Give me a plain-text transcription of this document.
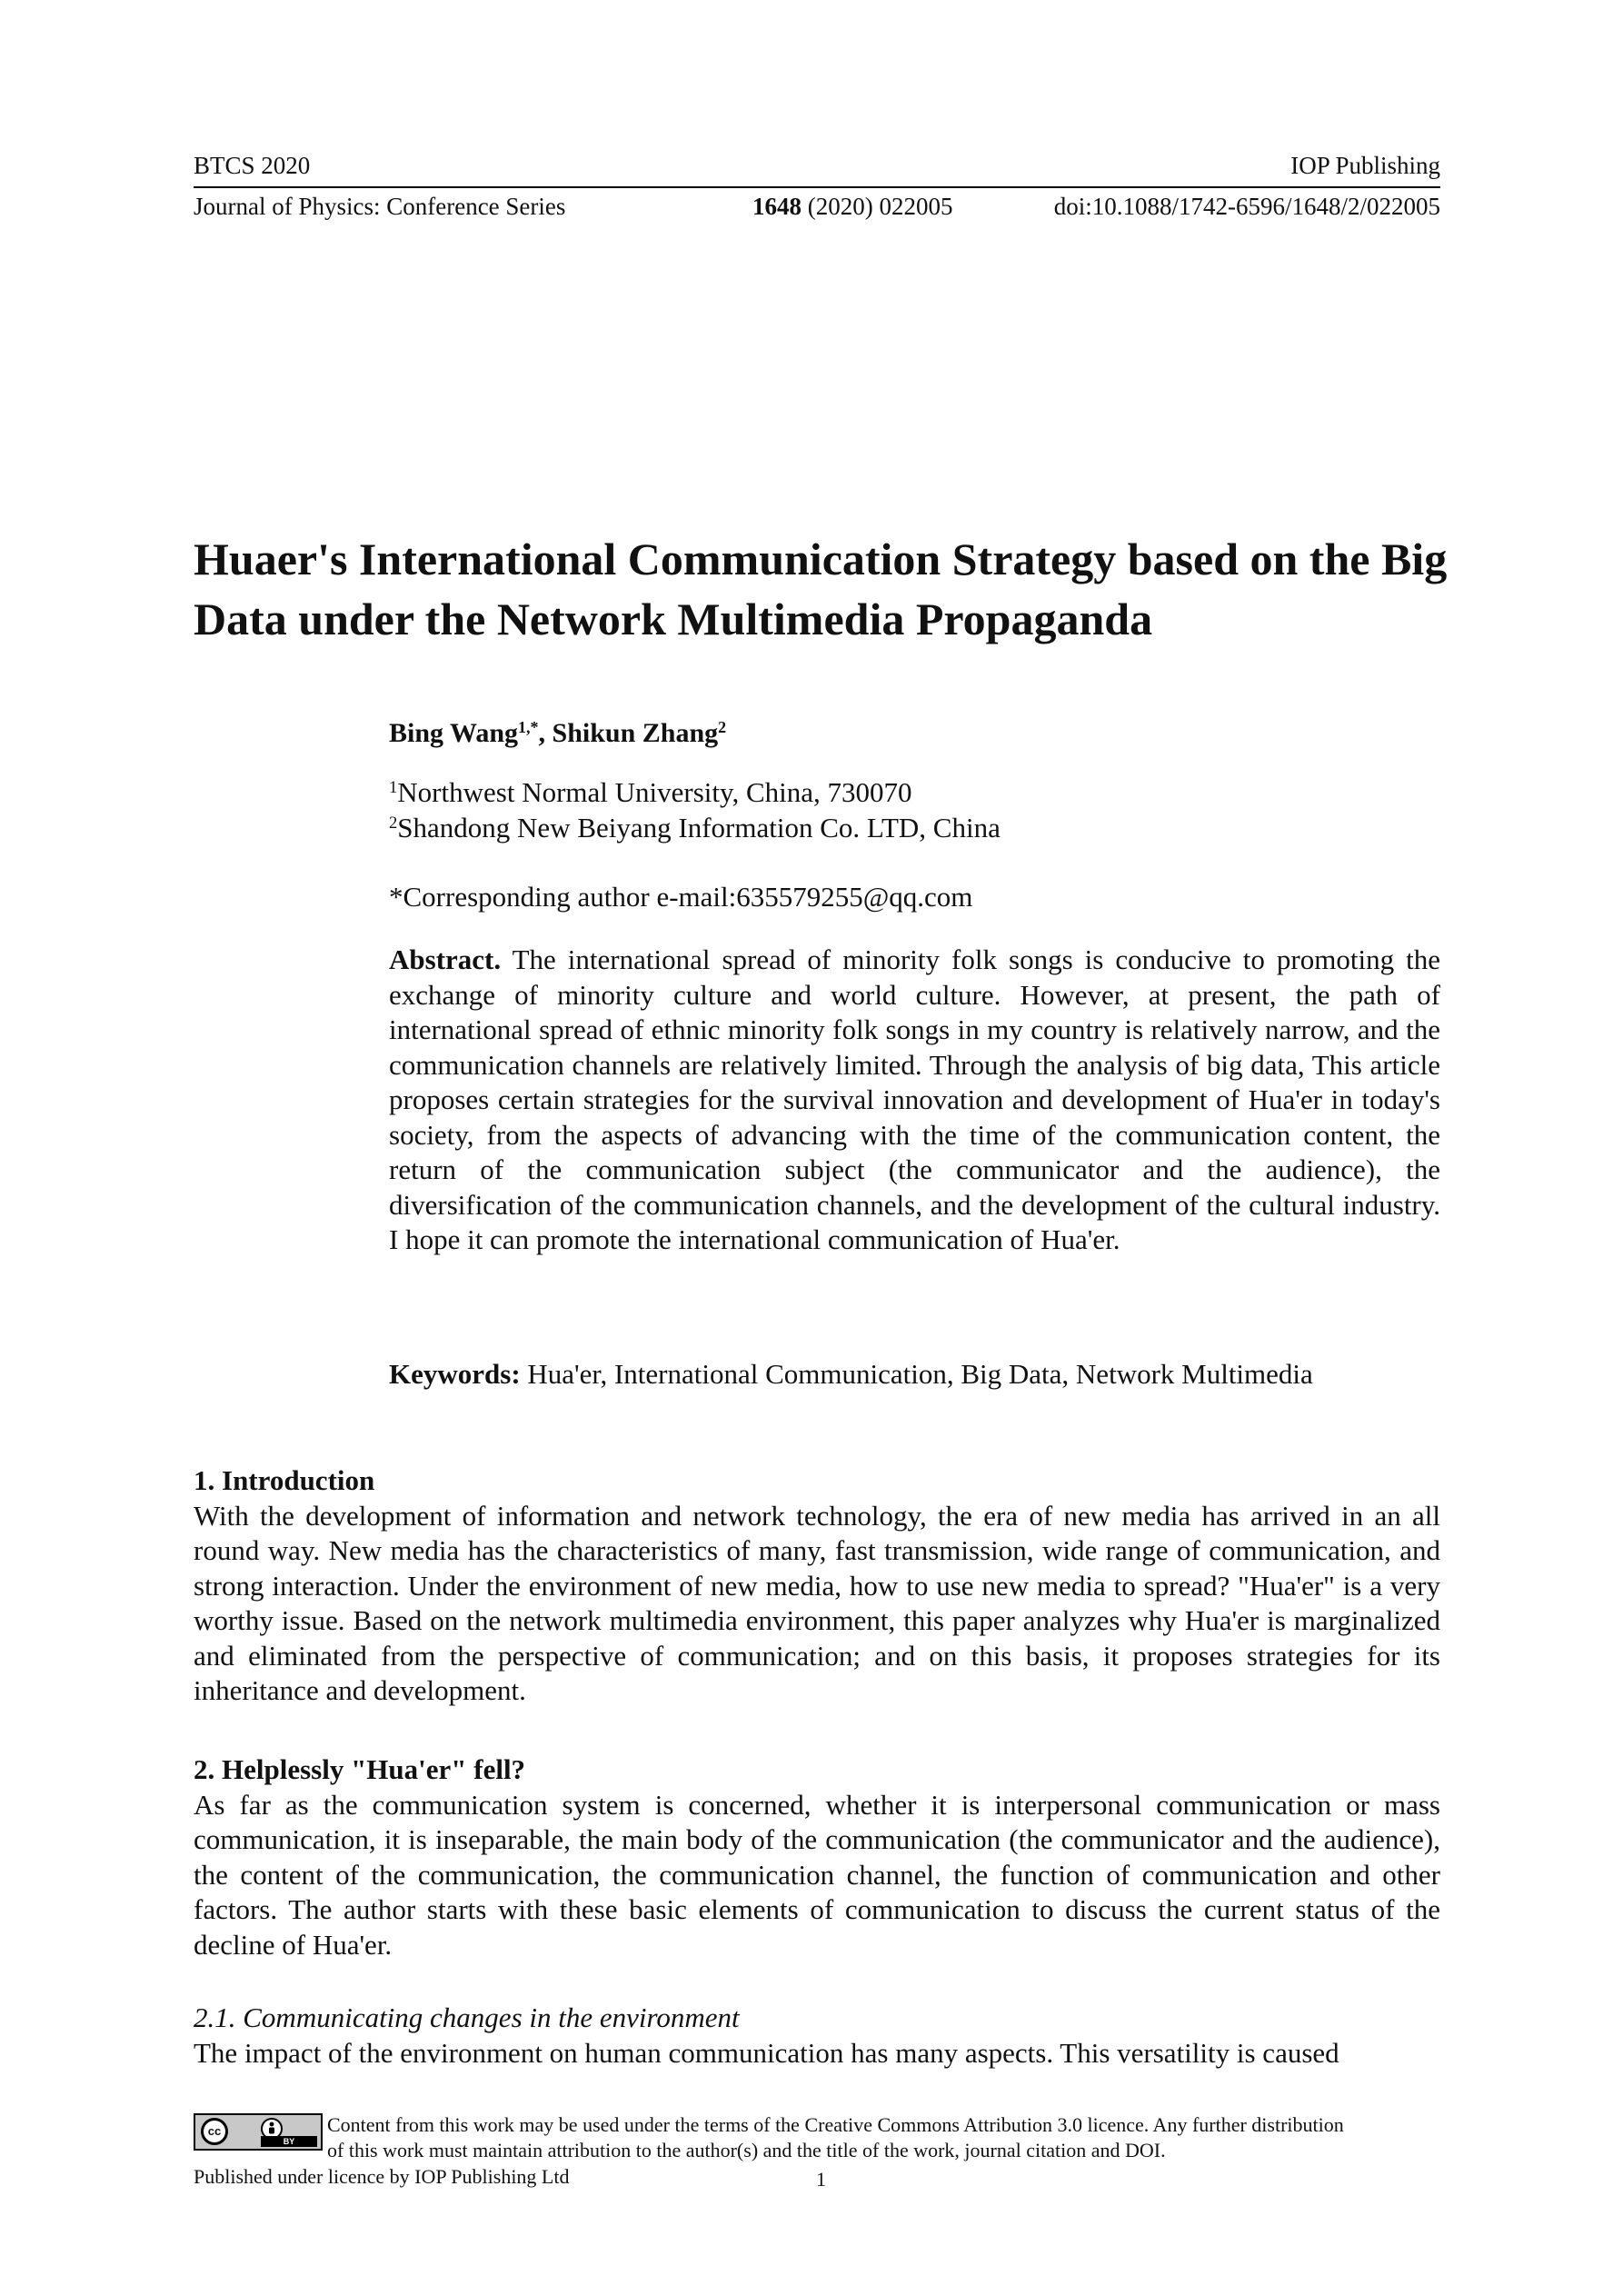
BTCS 2020	IOP Publishing
Journal of Physics: Conference Series	1648 (2020) 022005	doi:10.1088/1742-6596/1648/2/022005
Huaer's International Communication Strategy based on the Big Data under the Network Multimedia Propaganda
Bing Wang$^{1,*}$, Shikun Zhang$^2$
$^1$Northwest Normal University, China, 730070
$^2$Shandong New Beiyang Information Co. LTD, China
*Corresponding author e-mail:635579255@qq.com
Abstract. The international spread of minority folk songs is conducive to promoting the exchange of minority culture and world culture. However, at present, the path of international spread of ethnic minority folk songs in my country is relatively narrow, and the communication channels are relatively limited. Through the analysis of big data, This article proposes certain strategies for the survival innovation and development of Hua'er in today's society, from the aspects of advancing with the time of the communication content, the return of the communication subject (the communicator and the audience), the diversification of the communication channels, and the development of the cultural industry. I hope it can promote the international communication of Hua'er.
Keywords: Hua'er, International Communication, Big Data, Network Multimedia
1. Introduction
With the development of information and network technology, the era of new media has arrived in an all round way. New media has the characteristics of many, fast transmission, wide range of communication, and strong interaction. Under the environment of new media, how to use new media to spread? "Hua'er" is a very worthy issue. Based on the network multimedia environment, this paper analyzes why Hua'er is marginalized and eliminated from the perspective of communication; and on this basis, it proposes strategies for its inheritance and development.
2. Helplessly "Hua'er" fell?
As far as the communication system is concerned, whether it is interpersonal communication or mass communication, it is inseparable, the main body of the communication (the communicator and the audience), the content of the communication, the communication channel, the function of communication and other factors. The author starts with these basic elements of communication to discuss the current status of the decline of Hua'er.
2.1. Communicating changes in the environment
The impact of the environment on human communication has many aspects. This versatility is caused
cc
BY
Content from this work may be used under the terms of the Creative Commons Attribution 3.0 licence. Any further distribution
of this work must maintain attribution to the author(s) and the title of the work, journal citation and DOI.
Published under licence by IOP Publishing Ltd	1
